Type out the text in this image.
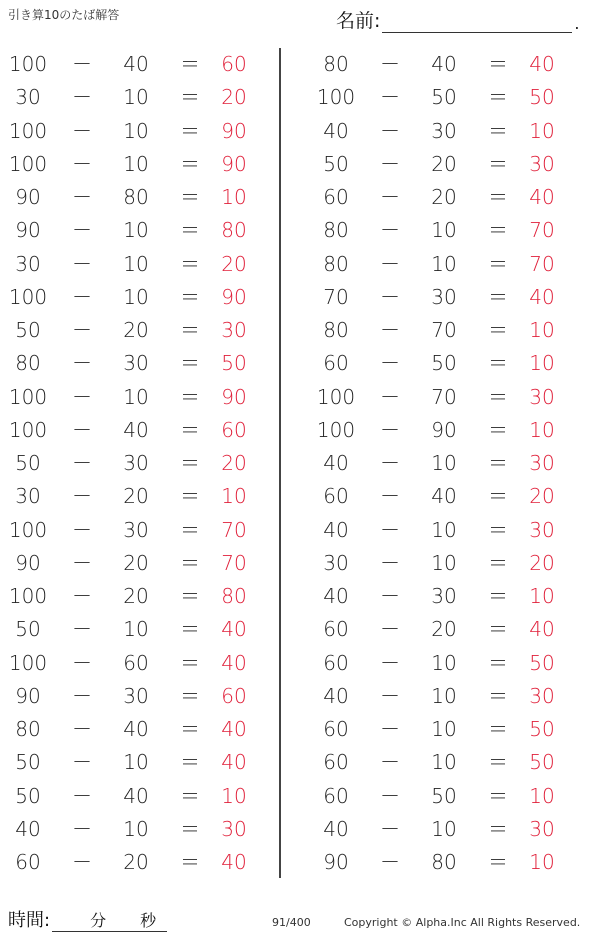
引き算10のたば解答	名前:	.
100 －	40	＝	60
30	－	10	＝	20
100 －	10	＝	90
100 －	10	＝	90
90	－	80	＝	10
90	－	10	＝	80
30	－	10	＝	20
100 －	10	＝	90
50	－	20	＝	30
80	－	30	＝	50
100 －	10	＝	90
100 －	40	＝	60
50	－	30	＝	20
30	－	20	＝	10
100 －	30	＝	70
90	－	20	＝	70
100 －	20	＝	80
50	－	10	＝	40
100 －	60	＝	40
90	－	30	＝	60
80	－	40	＝	40
50	－	10	＝	40
50	－	40	＝	10
40	－	10	＝	30
60	－	20	＝	40
80	－	40	＝	40
100 －	50	＝	50
40	－	30	＝	10
50	－	20	＝	30
60	－	20	＝	40
80	－	10	＝	70
80	－	10	＝	70
70	－	30	＝	40
80	－	70	＝	10
60	－	50	＝	10
100 －	70	＝	30
100 －	90	＝	10
40	－	10	＝	30
60	－	40	＝	20
40	－	10	＝	30
30	－	10	＝	20
40	－	30	＝	10
60	－	20	＝	40
60	－	10	＝	50
40	－	10	＝	30
60	－	10	＝	50
60	－	10	＝	50
60	－	50	＝	10
40	－	10	＝	30
90	－	80	＝	10
時間:	分 秒	91/400	Copyright © Alpha.Inc All Rights Reserved.
